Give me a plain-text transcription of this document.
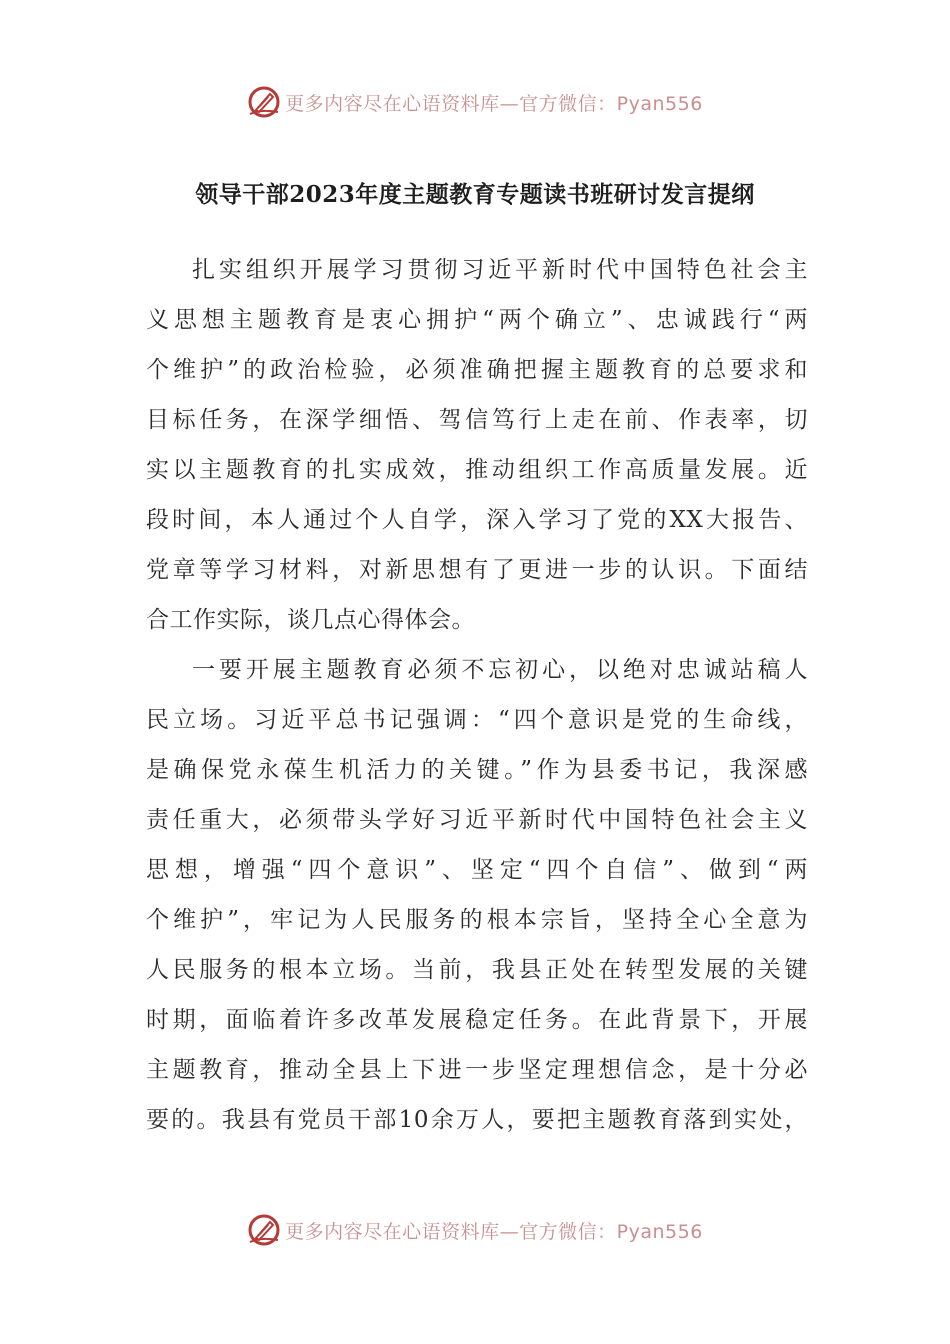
更多内容尽在心语资料库—官方微信：Pyan556
领导干部2023年度主题教育专题读书班研讨发言提纲
扎实组织开展学习贯彻习近平新时代中国特色社会主
义思想主题教育是衷心拥护“两个确立”、忠诚践行“两
个维护”的政治检验，必须准确把握主题教育的总要求和
目标任务，在深学细悟、驾信笃行上走在前、作表率，切
实以主题教育的扎实成效，推动组织工作高质量发展。近
段时间，本人通过个人自学，深入学习了党的XX大报告、
党章等学习材料，对新思想有了更进一步的认识。下面结
合工作实际，谈几点心得体会。
一要开展主题教育必须不忘初心，以绝对忠诚站稿人
民立场。习近平总书记强调：“四个意识是党的生命线，
是确保党永葆生机活力的关键。”作为县委书记，我深感
责任重大，必须带头学好习近平新时代中国特色社会主义
思想，增强“四个意识”、坚定“四个自信”、做到“两
个维护”，牢记为人民服务的根本宗旨，坚持全心全意为
人民服务的根本立场。当前，我县正处在转型发展的关键
时期，面临着许多改革发展稳定任务。在此背景下，开展
主题教育，推动全县上下进一步坚定理想信念，是十分必
要的。我县有党员干部10余万人，要把主题教育落到实处，
更多内容尽在心语资料库—官方微信：Pyan556
